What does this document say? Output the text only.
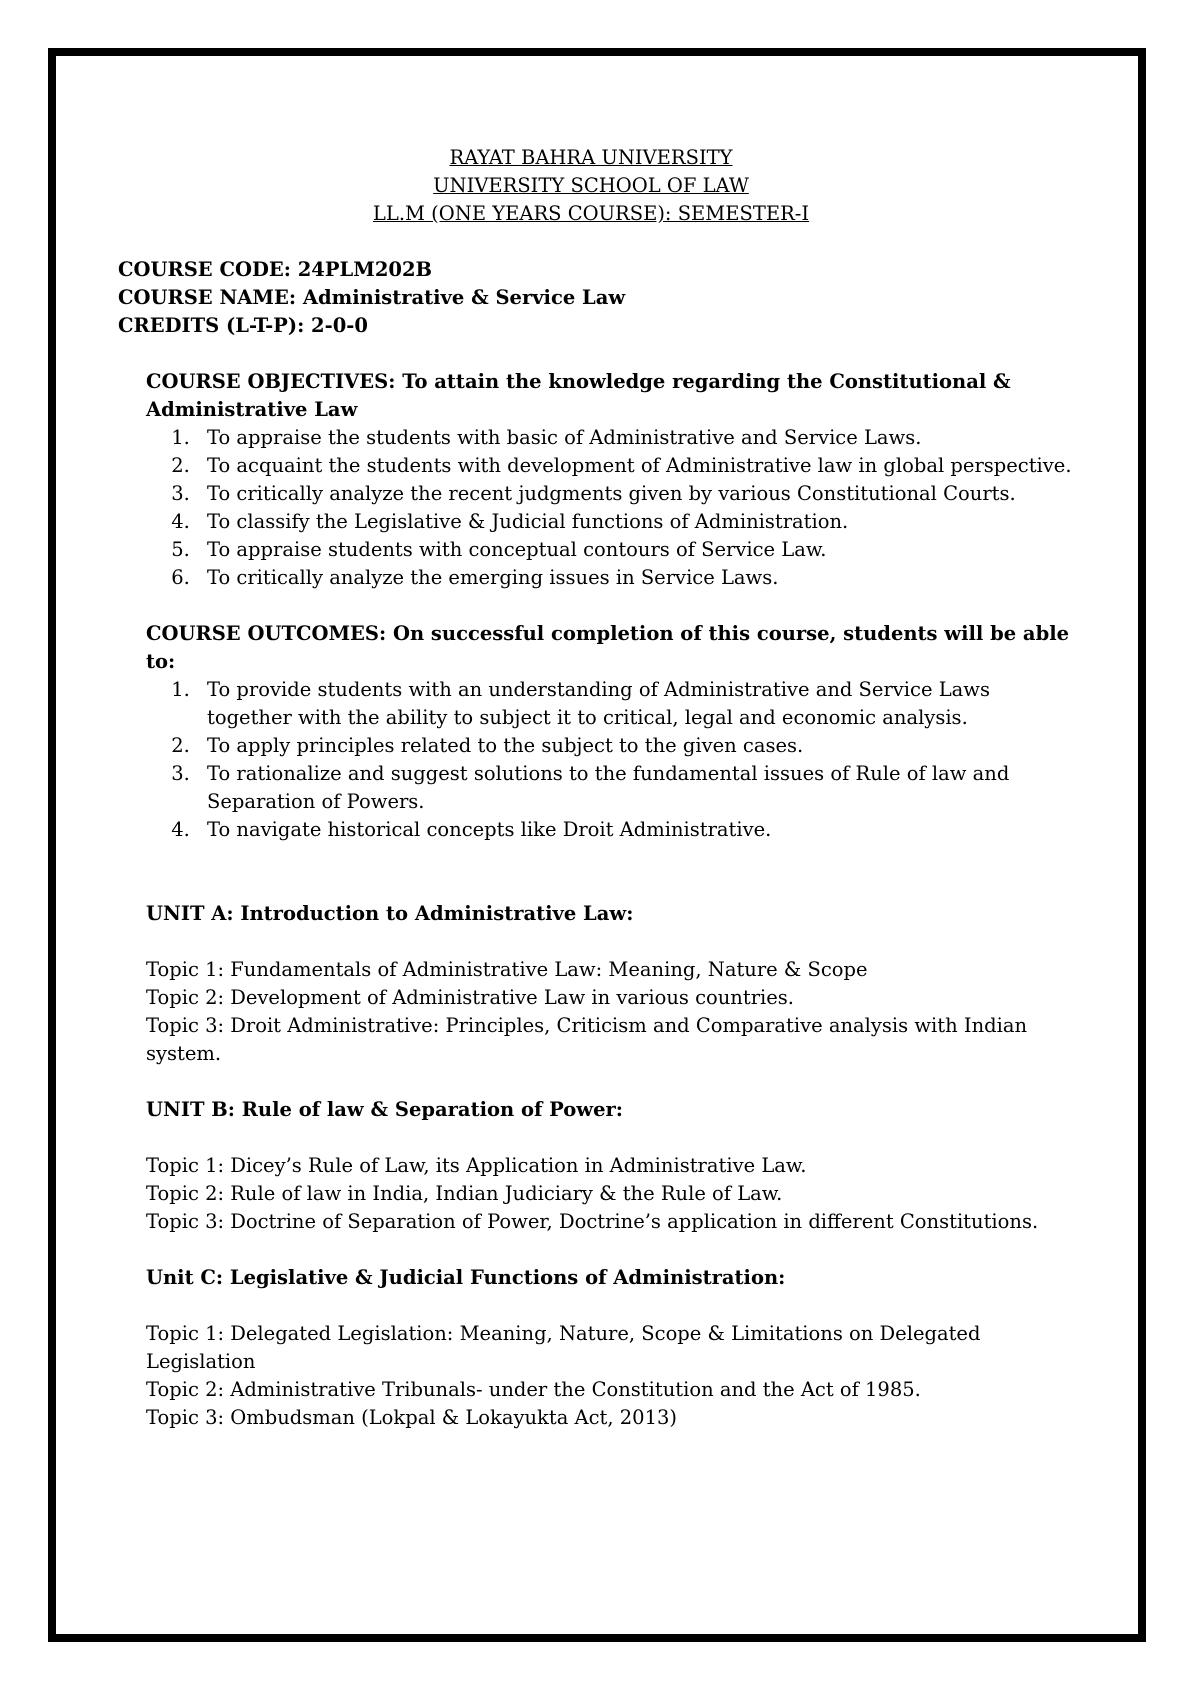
RAYAT BAHRA UNIVERSITY
UNIVERSITY SCHOOL OF LAW
LL.M (ONE YEARS COURSE): SEMESTER-I
COURSE CODE: 24PLM202B
COURSE NAME: Administrative & Service Law
CREDITS (L-T-P): 2-0-0
COURSE OBJECTIVES: To attain the knowledge regarding the Constitutional &
Administrative Law
1. To appraise the students with basic of Administrative and Service Laws.
2. To acquaint the students with development of Administrative law in global perspective.
3. To critically analyze the recent judgments given by various Constitutional Courts.
4. To classify the Legislative & Judicial functions of Administration.
5. To appraise students with conceptual contours of Service Law.
6. To critically analyze the emerging issues in Service Laws.
COURSE OUTCOMES: On successful completion of this course, students will be able to:
1. To provide students with an understanding of Administrative and Service Laws together with the ability to subject it to critical, legal and economic analysis.
2. To apply principles related to the subject to the given cases.
3. To rationalize and suggest solutions to the fundamental issues of Rule of law and Separation of Powers.
4. To navigate historical concepts like Droit Administrative.
UNIT A: Introduction to Administrative Law:
Topic 1: Fundamentals of Administrative Law: Meaning, Nature & Scope
Topic 2: Development of Administrative Law in various countries.
Topic 3: Droit Administrative: Principles, Criticism and Comparative analysis with Indian system.
UNIT B: Rule of law & Separation of Power:
Topic 1: Dicey’s Rule of Law, its Application in Administrative Law.
Topic 2: Rule of law in India, Indian Judiciary & the Rule of Law.
Topic 3: Doctrine of Separation of Power, Doctrine’s application in different Constitutions.
Unit C: Legislative & Judicial Functions of Administration:
Topic 1: Delegated Legislation: Meaning, Nature, Scope & Limitations on Delegated Legislation
Topic 2: Administrative Tribunals- under the Constitution and the Act of 1985.
Topic 3: Ombudsman (Lokpal & Lokayukta Act, 2013)
